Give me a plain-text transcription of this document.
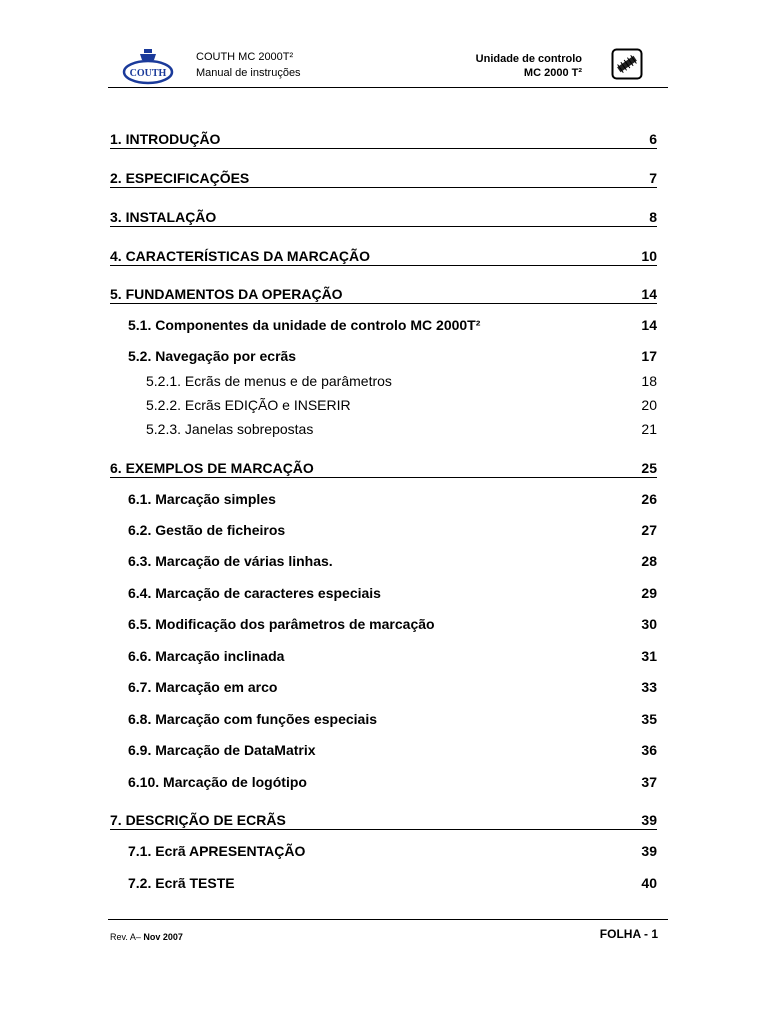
COUTH
COUTH MC 2000T²
Manual de instruções
Unidade de controlo
MC 2000 T²
1. INTRODUÇÃO	6
2. ESPECIFICAÇÕES	7
3. INSTALAÇÃO	8
4. CARACTERÍSTICAS DA MARCAÇÃO	10
5. FUNDAMENTOS DA OPERAÇÃO	14
5.1. Componentes da unidade de controlo MC 2000T²	14
5.2. Navegação por ecrãs	17
5.2.1. Ecrãs de menus e de parâmetros	18
5.2.2. Ecrãs EDIÇÃO e INSERIR	20
5.2.3. Janelas sobrepostas	21
6. EXEMPLOS DE MARCAÇÃO	25
6.1. Marcação simples	26
6.2. Gestão de ficheiros	27
6.3. Marcação de várias linhas.	28
6.4. Marcação de caracteres especiais	29
6.5. Modificação dos parâmetros de marcação	30
6.6. Marcação inclinada	31
6.7. Marcação em arco	33
6.8. Marcação com funções especiais	35
6.9. Marcação de DataMatrix	36
6.10. Marcação de logótipo	37
7. DESCRIÇÃO DE ECRÃS	39
7.1. Ecrã APRESENTAÇÃO	39
7.2. Ecrã TESTE	40
Rev. A– Nov 2007	FOLHA - 1
